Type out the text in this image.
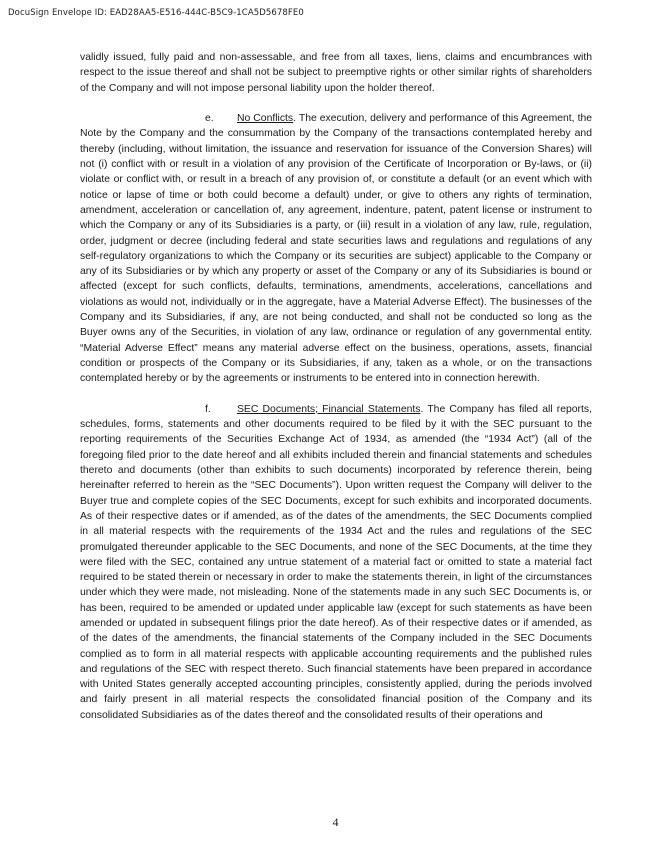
DocuSign Envelope ID: EAD28AA5-E516-444C-B5C9-1CA5D5678FE0

validly issued, fully paid and non-assessable, and free from all taxes, liens, claims and encumbrances with respect to the issue thereof and shall not be subject to preemptive rights or other similar rights of shareholders of the Company and will not impose personal liability upon the holder thereof.

e. No Conflicts. The execution, delivery and performance of this Agreement, the Note by the Company and the consummation by the Company of the transactions contemplated hereby and thereby (including, without limitation, the issuance and reservation for issuance of the Conversion Shares) will not (i) conflict with or result in a violation of any provision of the Certificate of Incorporation or By-laws, or (ii) violate or conflict with, or result in a breach of any provision of, or constitute a default (or an event which with notice or lapse of time or both could become a default) under, or give to others any rights of termination, amendment, acceleration or cancellation of, any agreement, indenture, patent, patent license or instrument to which the Company or any of its Subsidiaries is a party, or (iii) result in a violation of any law, rule, regulation, order, judgment or decree (including federal and state securities laws and regulations and regulations of any self-regulatory organizations to which the Company or its securities are subject) applicable to the Company or any of its Subsidiaries or by which any property or asset of the Company or any of its Subsidiaries is bound or affected (except for such conflicts, defaults, terminations, amendments, accelerations, cancellations and violations as would not, individually or in the aggregate, have a Material Adverse Effect). The businesses of the Company and its Subsidiaries, if any, are not being conducted, and shall not be conducted so long as the Buyer owns any of the Securities, in violation of any law, ordinance or regulation of any governmental entity. “Material Adverse Effect” means any material adverse effect on the business, operations, assets, financial condition or prospects of the Company or its Subsidiaries, if any, taken as a whole, or on the transactions contemplated hereby or by the agreements or instruments to be entered into in connection herewith.

f.	SEC Documents; Financial Statements. The Company has filed all reports, schedules, forms, statements and other documents required to be filed by it with the SEC pursuant to the reporting requirements of the Securities Exchange Act of 1934, as amended (the “1934 Act”) (all of the foregoing filed prior to the date hereof and all exhibits included therein and financial statements and schedules thereto and documents (other than exhibits to such documents) incorporated by reference therein, being hereinafter referred to herein as the “SEC Documents”). Upon written request the Company will deliver to the Buyer true and complete copies of the SEC Documents, except for such exhibits and incorporated documents. As of their respective dates or if amended, as of the dates of the amendments, the SEC Documents complied in all material respects with the requirements of the 1934 Act and the rules and regulations of the SEC promulgated thereunder applicable to the SEC Documents, and none of the SEC Documents, at the time they were filed with the SEC, contained any untrue statement of a material fact or omitted to state a material fact required to be stated therein or necessary in order to make the statements therein, in light of the circumstances under which they were made, not misleading. None of the statements made in any such SEC Documents is, or has been, required to be amended or updated under applicable law (except for such statements as have been amended or updated in subsequent filings prior the date hereof). As of their respective dates or if amended, as of the dates of the amendments, the financial statements of the Company included in the SEC Documents complied as to form in all material respects with applicable accounting requirements and the published rules and regulations of the SEC with respect thereto. Such financial statements have been prepared in accordance with United States generally accepted accounting principles, consistently applied, during the periods involved and fairly present in all material respects the consolidated financial position of the Company and its consolidated Subsidiaries as of the dates thereof and the consolidated results of their operations and

4
